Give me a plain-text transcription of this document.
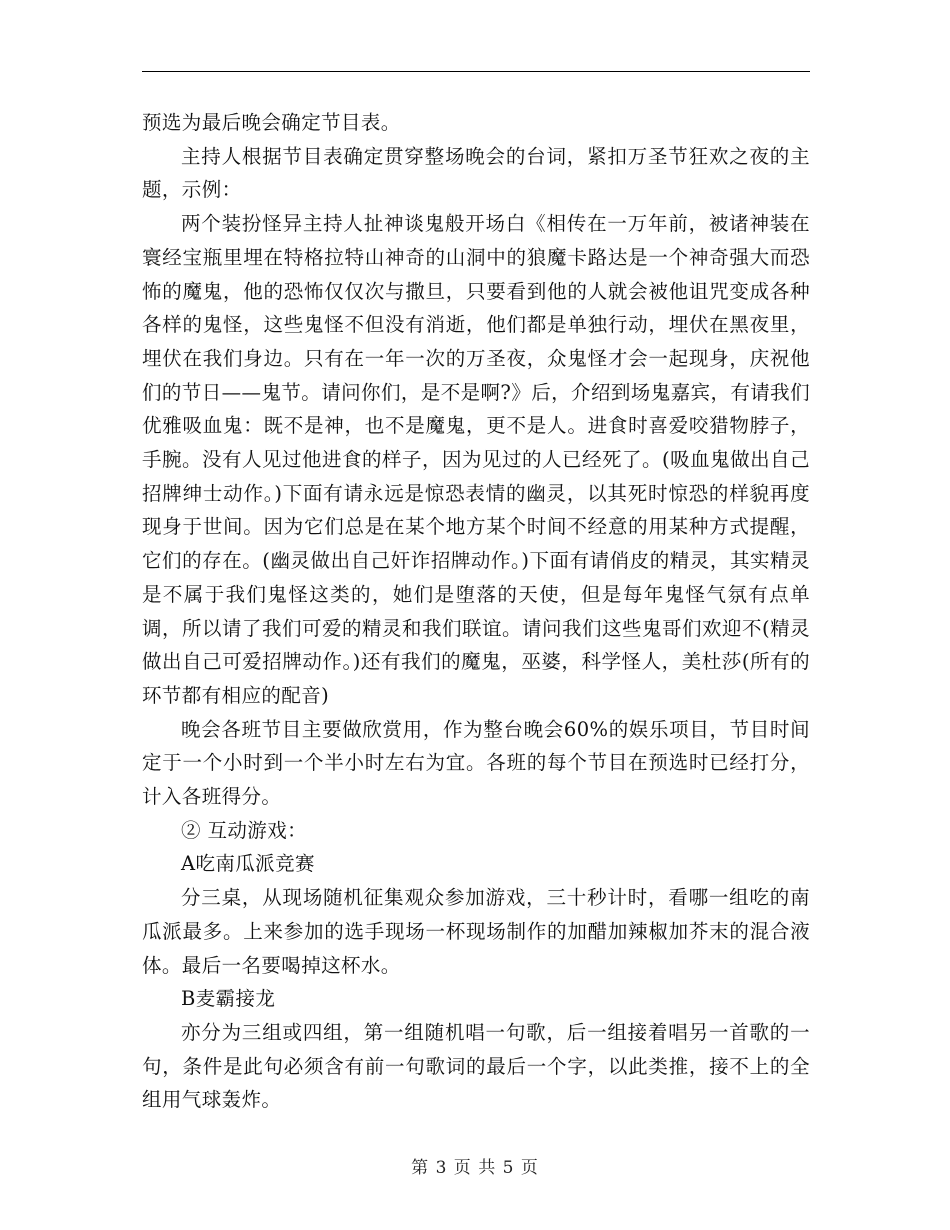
预选为最后晚会确定节目表。

主持人根据节目表确定贯穿整场晚会的台词，紧扣万圣节狂欢之夜的主题，示例：

两个装扮怪异主持人扯神谈鬼般开场白《相传在一万年前，被诸神装在寰经宝瓶里埋在特格拉特山神奇的山洞中的狼魔卡路达是一个神奇强大而恐怖的魔鬼，他的恐怖仅仅次与撒旦，只要看到他的人就会被他诅咒变成各种各样的鬼怪，这些鬼怪不但没有消逝，他们都是单独行动，埋伏在黑夜里，埋伏在我们身边。只有在一年一次的万圣夜，众鬼怪才会一起现身，庆祝他们的节日——鬼节。请问你们，是不是啊?》后，介绍到场鬼嘉宾，有请我们优雅吸血鬼：既不是神，也不是魔鬼，更不是人。进食时喜爱咬猎物脖子，手腕。没有人见过他进食的样子，因为见过的人已经死了。(吸血鬼做出自己招牌绅士动作。)下面有请永远是惊恐表情的幽灵，以其死时惊恐的样貌再度现身于世间。因为它们总是在某个地方某个时间不经意的用某种方式提醒，它们的存在。(幽灵做出自己奸诈招牌动作。)下面有请俏皮的精灵，其实精灵是不属于我们鬼怪这类的，她们是堕落的天使，但是每年鬼怪气氛有点单调，所以请了我们可爱的精灵和我们联谊。请问我们这些鬼哥们欢迎不(精灵做出自己可爱招牌动作。)还有我们的魔鬼，巫婆，科学怪人，美杜莎(所有的环节都有相应的配音)

晚会各班节目主要做欣赏用，作为整台晚会60%的娱乐项目，节目时间定于一个小时到一个半小时左右为宜。各班的每个节目在预选时已经打分，计入各班得分。

② 互动游戏：

A吃南瓜派竞赛

分三桌，从现场随机征集观众参加游戏，三十秒计时，看哪一组吃的南瓜派最多。上来参加的选手现场一杯现场制作的加醋加辣椒加芥末的混合液体。最后一名要喝掉这杯水。

B麦霸接龙

亦分为三组或四组，第一组随机唱一句歌，后一组接着唱另一首歌的一句，条件是此句必须含有前一句歌词的最后一个字，以此类推，接不上的全组用气球轰炸。

第 3 页 共 5 页
